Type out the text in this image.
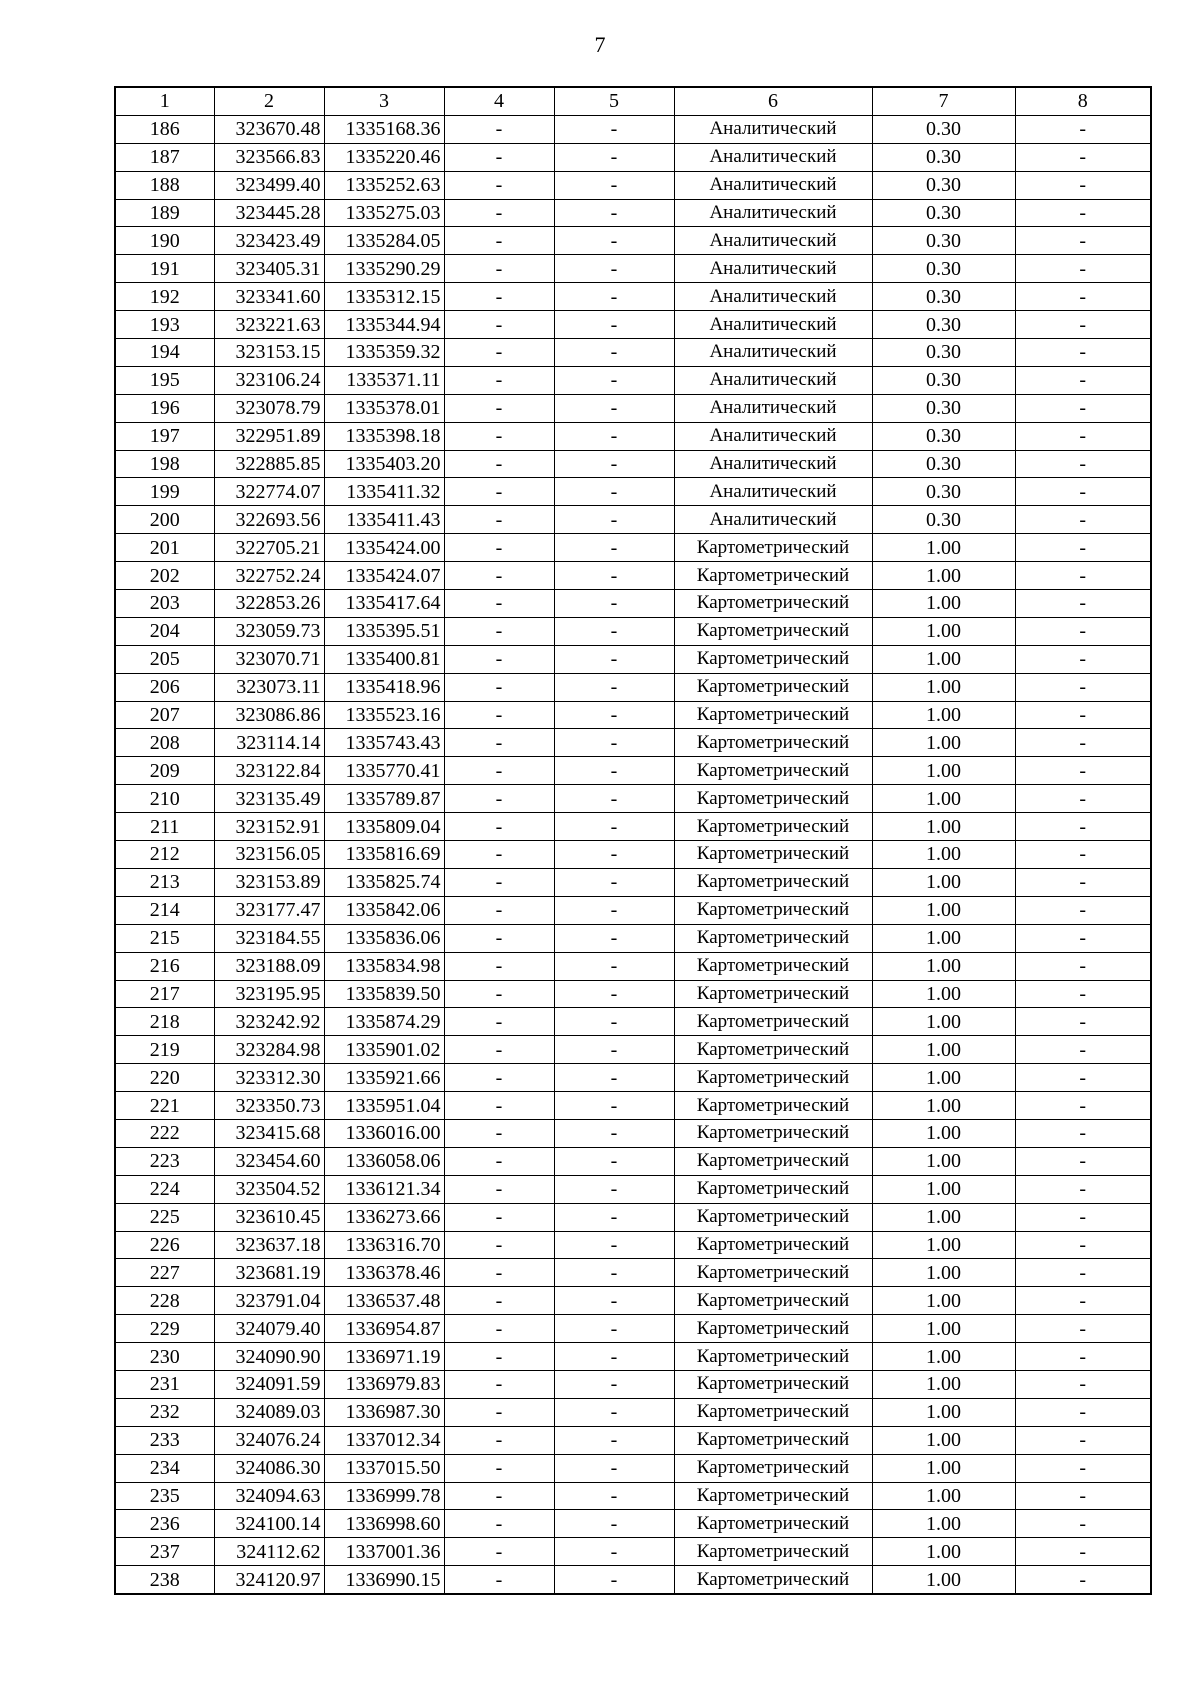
7
1	2	3	4	5	6	7	8
186	323670.48	1335168.36	-	-	Аналитический	0.30	-
187	323566.83	1335220.46	-	-	Аналитический	0.30	-
188	323499.40	1335252.63	-	-	Аналитический	0.30	-
189	323445.28	1335275.03	-	-	Аналитический	0.30	-
190	323423.49	1335284.05	-	-	Аналитический	0.30	-
191	323405.31	1335290.29	-	-	Аналитический	0.30	-
192	323341.60	1335312.15	-	-	Аналитический	0.30	-
193	323221.63	1335344.94	-	-	Аналитический	0.30	-
194	323153.15	1335359.32	-	-	Аналитический	0.30	-
195	323106.24	1335371.11	-	-	Аналитический	0.30	-
196	323078.79	1335378.01	-	-	Аналитический	0.30	-
197	322951.89	1335398.18	-	-	Аналитический	0.30	-
198	322885.85	1335403.20	-	-	Аналитический	0.30	-
199	322774.07	1335411.32	-	-	Аналитический	0.30	-
200	322693.56	1335411.43	-	-	Аналитический	0.30	-
201	322705.21	1335424.00	-	-	Картометрический	1.00	-
202	322752.24	1335424.07	-	-	Картометрический	1.00	-
203	322853.26	1335417.64	-	-	Картометрический	1.00	-
204	323059.73	1335395.51	-	-	Картометрический	1.00	-
205	323070.71	1335400.81	-	-	Картометрический	1.00	-
206	323073.11	1335418.96	-	-	Картометрический	1.00	-
207	323086.86	1335523.16	-	-	Картометрический	1.00	-
208	323114.14	1335743.43	-	-	Картометрический	1.00	-
209	323122.84	1335770.41	-	-	Картометрический	1.00	-
210	323135.49	1335789.87	-	-	Картометрический	1.00	-
211	323152.91	1335809.04	-	-	Картометрический	1.00	-
212	323156.05	1335816.69	-	-	Картометрический	1.00	-
213	323153.89	1335825.74	-	-	Картометрический	1.00	-
214	323177.47	1335842.06	-	-	Картометрический	1.00	-
215	323184.55	1335836.06	-	-	Картометрический	1.00	-
216	323188.09	1335834.98	-	-	Картометрический	1.00	-
217	323195.95	1335839.50	-	-	Картометрический	1.00	-
218	323242.92	1335874.29	-	-	Картометрический	1.00	-
219	323284.98	1335901.02	-	-	Картометрический	1.00	-
220	323312.30	1335921.66	-	-	Картометрический	1.00	-
221	323350.73	1335951.04	-	-	Картометрический	1.00	-
222	323415.68	1336016.00	-	-	Картометрический	1.00	-
223	323454.60	1336058.06	-	-	Картометрический	1.00	-
224	323504.52	1336121.34	-	-	Картометрический	1.00	-
225	323610.45	1336273.66	-	-	Картометрический	1.00	-
226	323637.18	1336316.70	-	-	Картометрический	1.00	-
227	323681.19	1336378.46	-	-	Картометрический	1.00	-
228	323791.04	1336537.48	-	-	Картометрический	1.00	-
229	324079.40	1336954.87	-	-	Картометрический	1.00	-
230	324090.90	1336971.19	-	-	Картометрический	1.00	-
231	324091.59	1336979.83	-	-	Картометрический	1.00	-
232	324089.03	1336987.30	-	-	Картометрический	1.00	-
233	324076.24	1337012.34	-	-	Картометрический	1.00	-
234	324086.30	1337015.50	-	-	Картометрический	1.00	-
235	324094.63	1336999.78	-	-	Картометрический	1.00	-
236	324100.14	1336998.60	-	-	Картометрический	1.00	-
237	324112.62	1337001.36	-	-	Картометрический	1.00	-
238	324120.97	1336990.15	-	-	Картометрический	1.00	-
